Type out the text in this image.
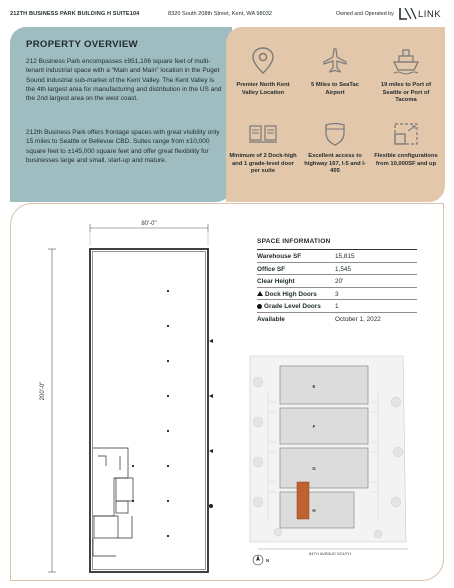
212TH BUSINESS PARK BUILDING H SUITE104	8320 South 208th Street, Kent, WA 98032	Owned and Operated by	LINK
PROPERTY OVERVIEW
212 Business Park encompasses ±951,106 square feet of multi-tenant industrial space with a “Main and Main” location in the Puget Sound industrial sub-market of the Kent Valley. The Kent Valley is the 4th largest area for manufacturing and distribution in the US and the 2nd largest area on the west coast.
212th Business Park offers frontage spaces with great visibility only 15 miles to Seattle or Bellevue CBD. Suites range from ±10,000 square feet to ±145,000 square feet and offer great flexibility for businesses large and small, start-up and mature.
Premier North Kent Valley Location
5 Miles to SeaTac Airport
19 miles to Port of Seattle or Port of Tacoma
Minimum of 2 Dock-high and 1 grade-level door per suite
Excellent access to highway 167, I-5 and I-405
Flexible configurations from 10,000SF and up
80'-0"
200'-0"
SPACE INFORMATION
Warehouse SF	15,815
Office SF	1,545
Clear Height	20'
Dock High Doors	3
Grade Level Doors 1
Available	October 1, 2022
E
F
G
H
84TH AVENUE SOUTH
N
